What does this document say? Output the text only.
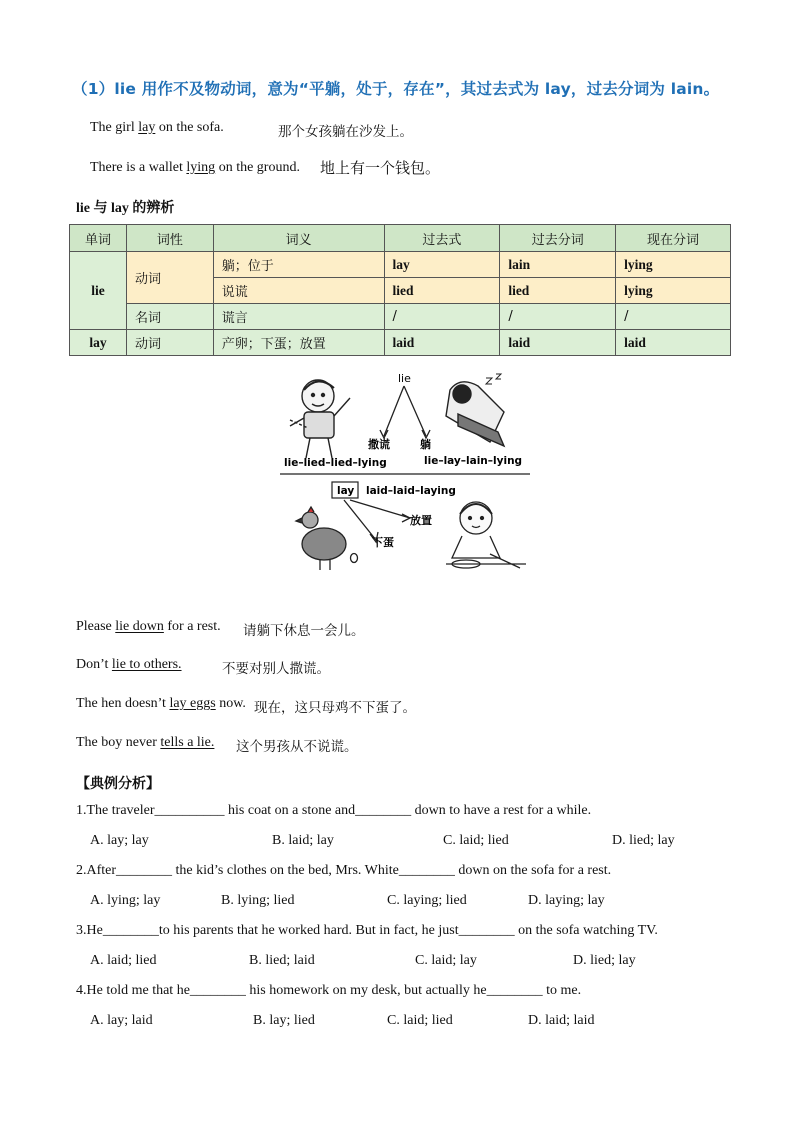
（1）lie 用作不及物动词，意为“平躺，处于，存在”，其过去式为 lay，过去分词为 lain。
The girl lay on the sofa.	那个女孩躺在沙发上。
There is a wallet lying on the ground. 地上有一个钱包。
lie 与 lay 的辨析
单词	词性	词义	过去式	过去分词	现在分词
lie	动词	躺；位于	lay	lain	lying
		说谎	lied	lied	lying
	名词	谎言	/	/	/
lay	动词	产卵；下蛋；放置	laid	laid	laid
lie
撒谎	躺
lie–lied–lied–lying	lie–lay–lain–lying
lay laid–laid–laying
放置
下蛋
Please lie down for a rest. 请躺下休息一会儿。
Don’t lie to others.	不要对别人撒谎。
The hen doesn’t lay eggs now. 现在，这只母鸡不下蛋了。
The boy never tells a lie. 这个男孩从不说谎。
【典例分析】
1.The traveler__________ his coat on a stone and________ down to have a rest for a while.
A. lay; lay	B. laid; lay	C. laid; lied	D. lied; lay
2.After________ the kid’s clothes on the bed, Mrs. White________ down on the sofa for a rest.
A. lying; lay	B. lying; lied	C. laying; lied	D. laying; lay
3.He________to his parents that he worked hard. But in fact, he just________ on the sofa watching TV.
A. laid; lied	B. lied; laid	C. laid; lay	D. lied; lay
4.He told me that he________ his homework on my desk, but actually he________ to me.
A. lay; laid	B. lay; lied	C. laid; lied	D. laid; laid
